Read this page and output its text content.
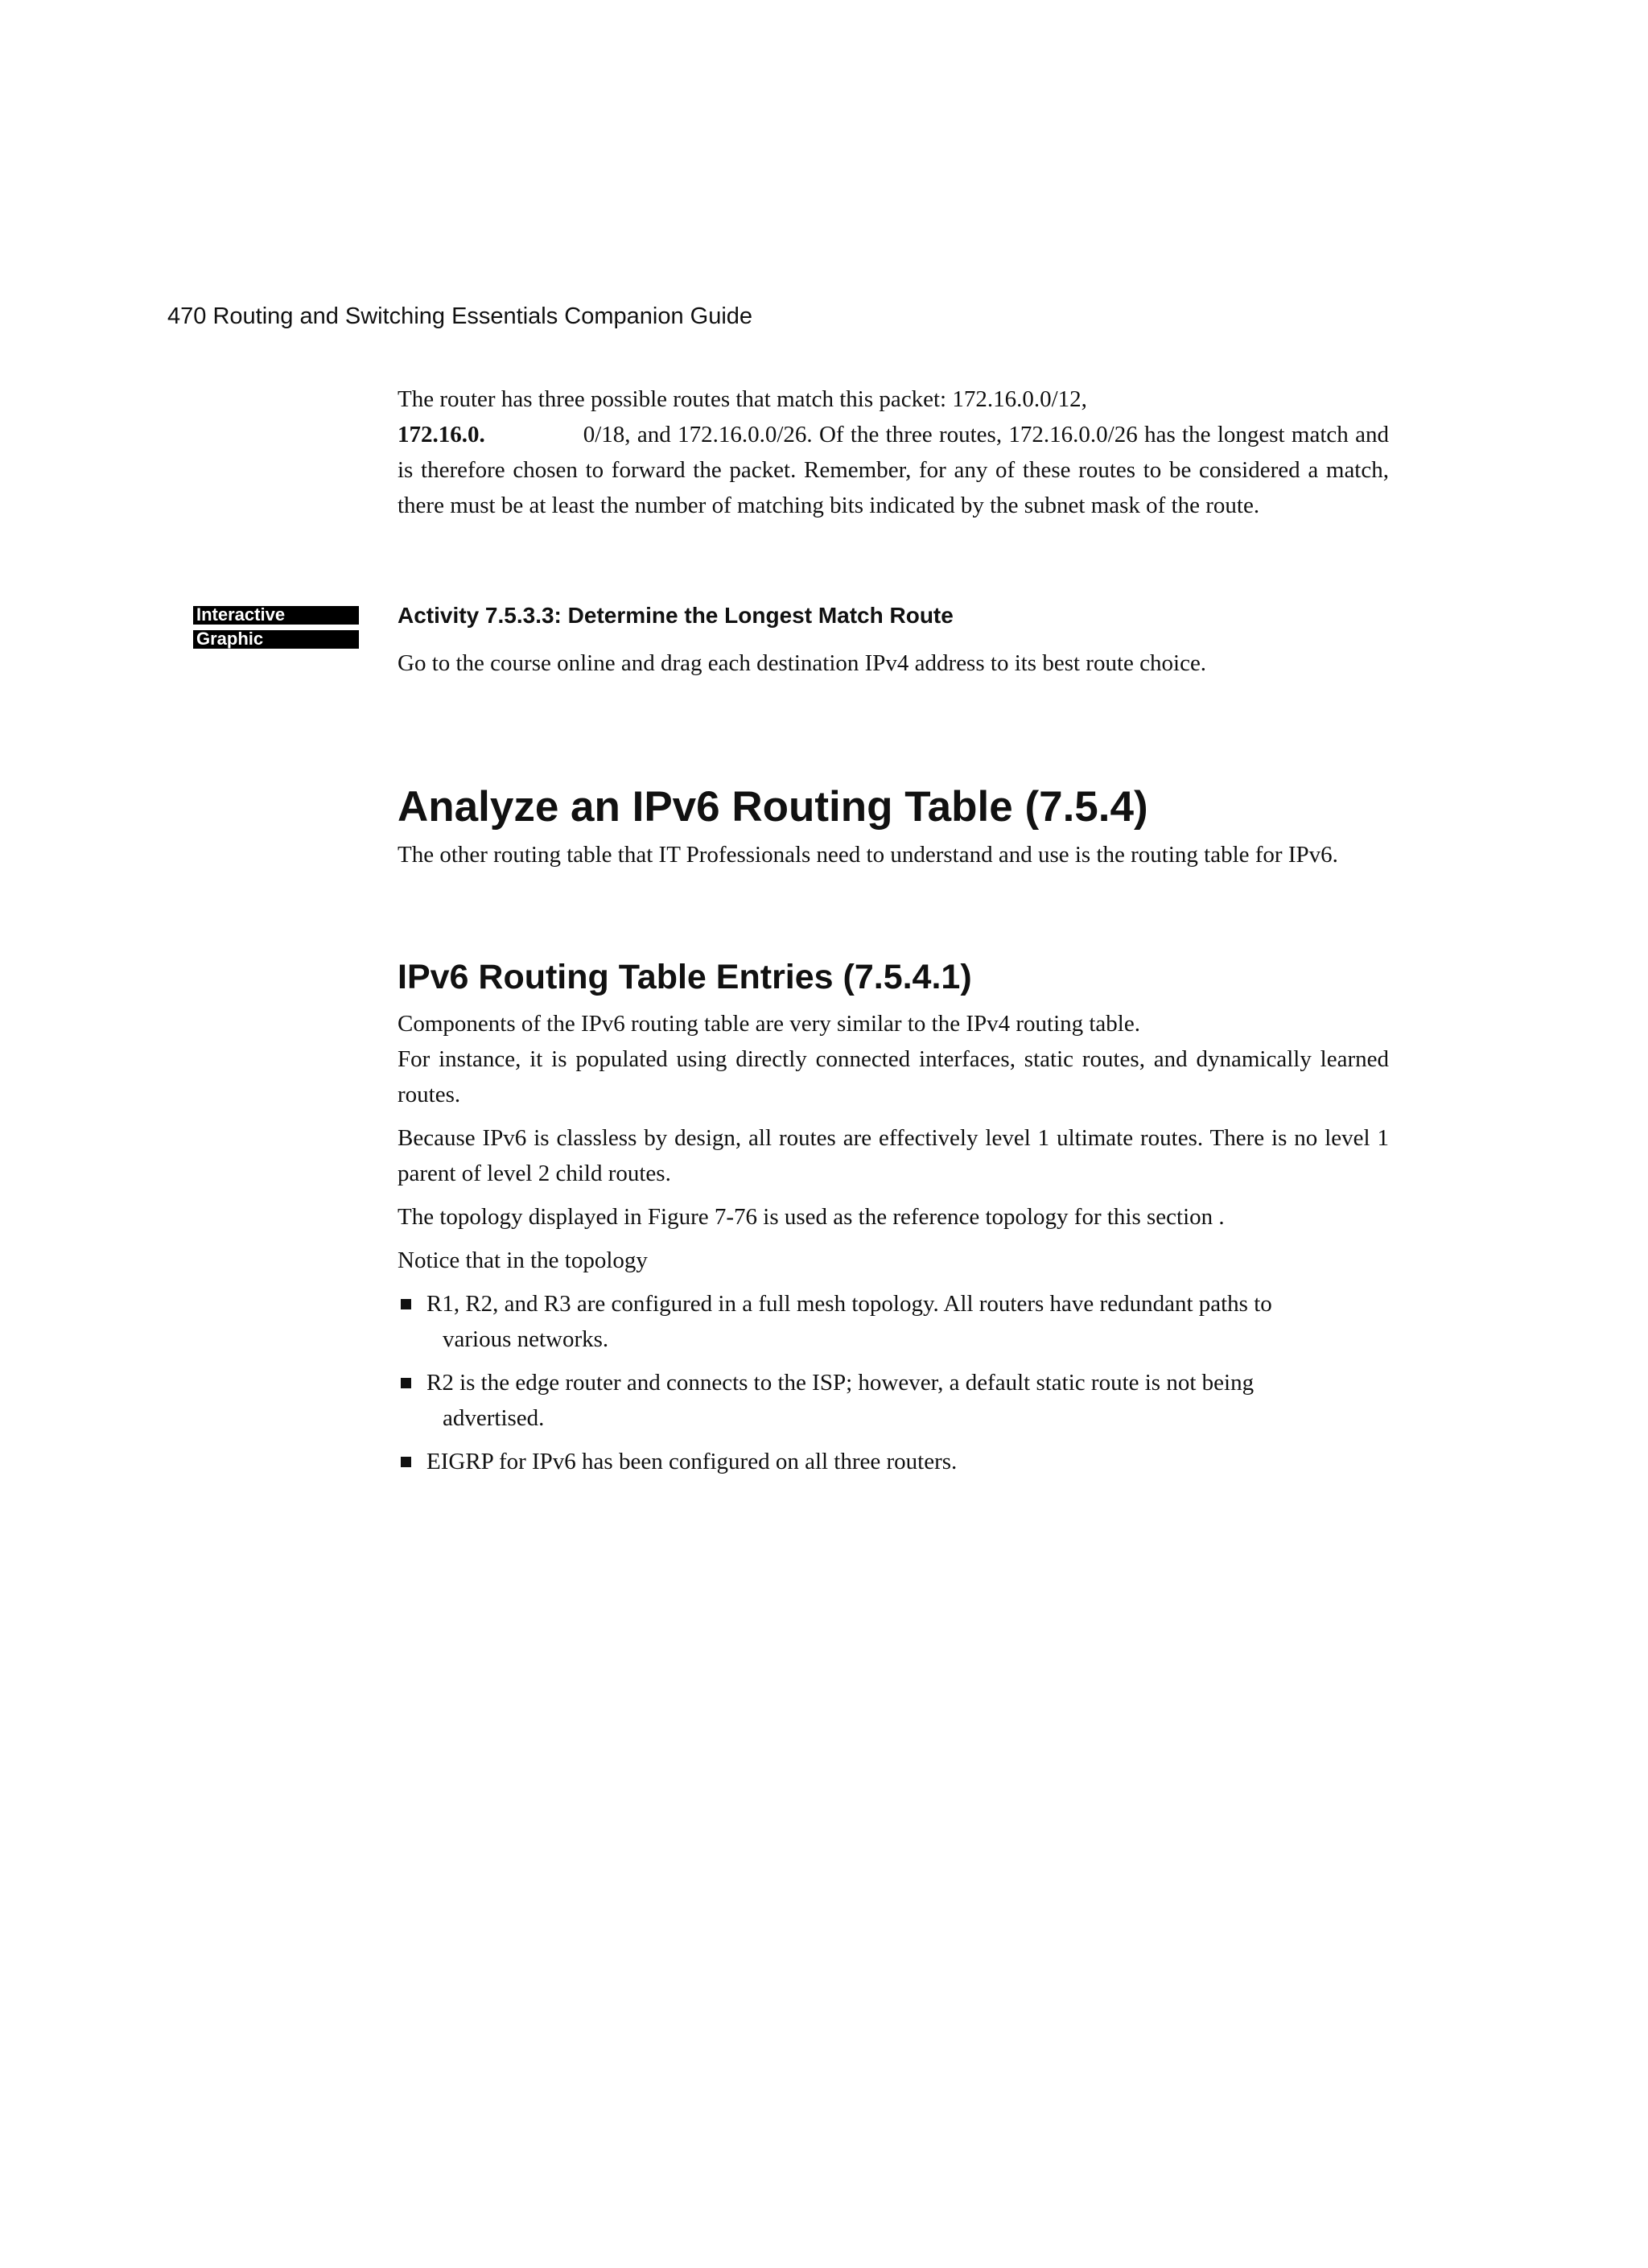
470 Routing and Switching Essentials Companion Guide

The router has three possible routes that match this packet: 172.16.0.0/12,
172.16.0.	0/18, and 172.16.0.0/26. Of the three routes, 172.16.0.0/26 has the longest match and is therefore chosen to forward the packet. Remember, for any of these routes to be considered a match, there must be at least the number of matching bits indicated by the subnet mask of the route.

Interactive
Graphic
Activity 7.5.3.3: Determine the Longest Match Route
Go to the course online and drag each destination IPv4 address to its best route choice.
Analyze an IPv6 Routing Table (7.5.4)

The other routing table that IT Professionals need to understand and use is the routing table for IPv6.

IPv6 Routing Table Entries (7.5.4.1)

Components of the IPv6 routing table are very similar to the IPv4 routing table.

For instance, it is populated using directly connected interfaces, static routes, and dynamically learned routes.

Because IPv6 is classless by design, all routes are effectively level 1 ultimate routes. There is no level 1 parent of level 2 child routes.

The topology displayed in Figure 7-76 is used as the reference topology for this section .

Notice that in the topology

R1, R2, and R3 are configured in a full mesh topology. All routers have redundant paths to
various networks.
R2 is the edge router and connects to the ISP; however, a default static route is not being
advertised.
EIGRP for IPv6 has been configured on all three routers.
